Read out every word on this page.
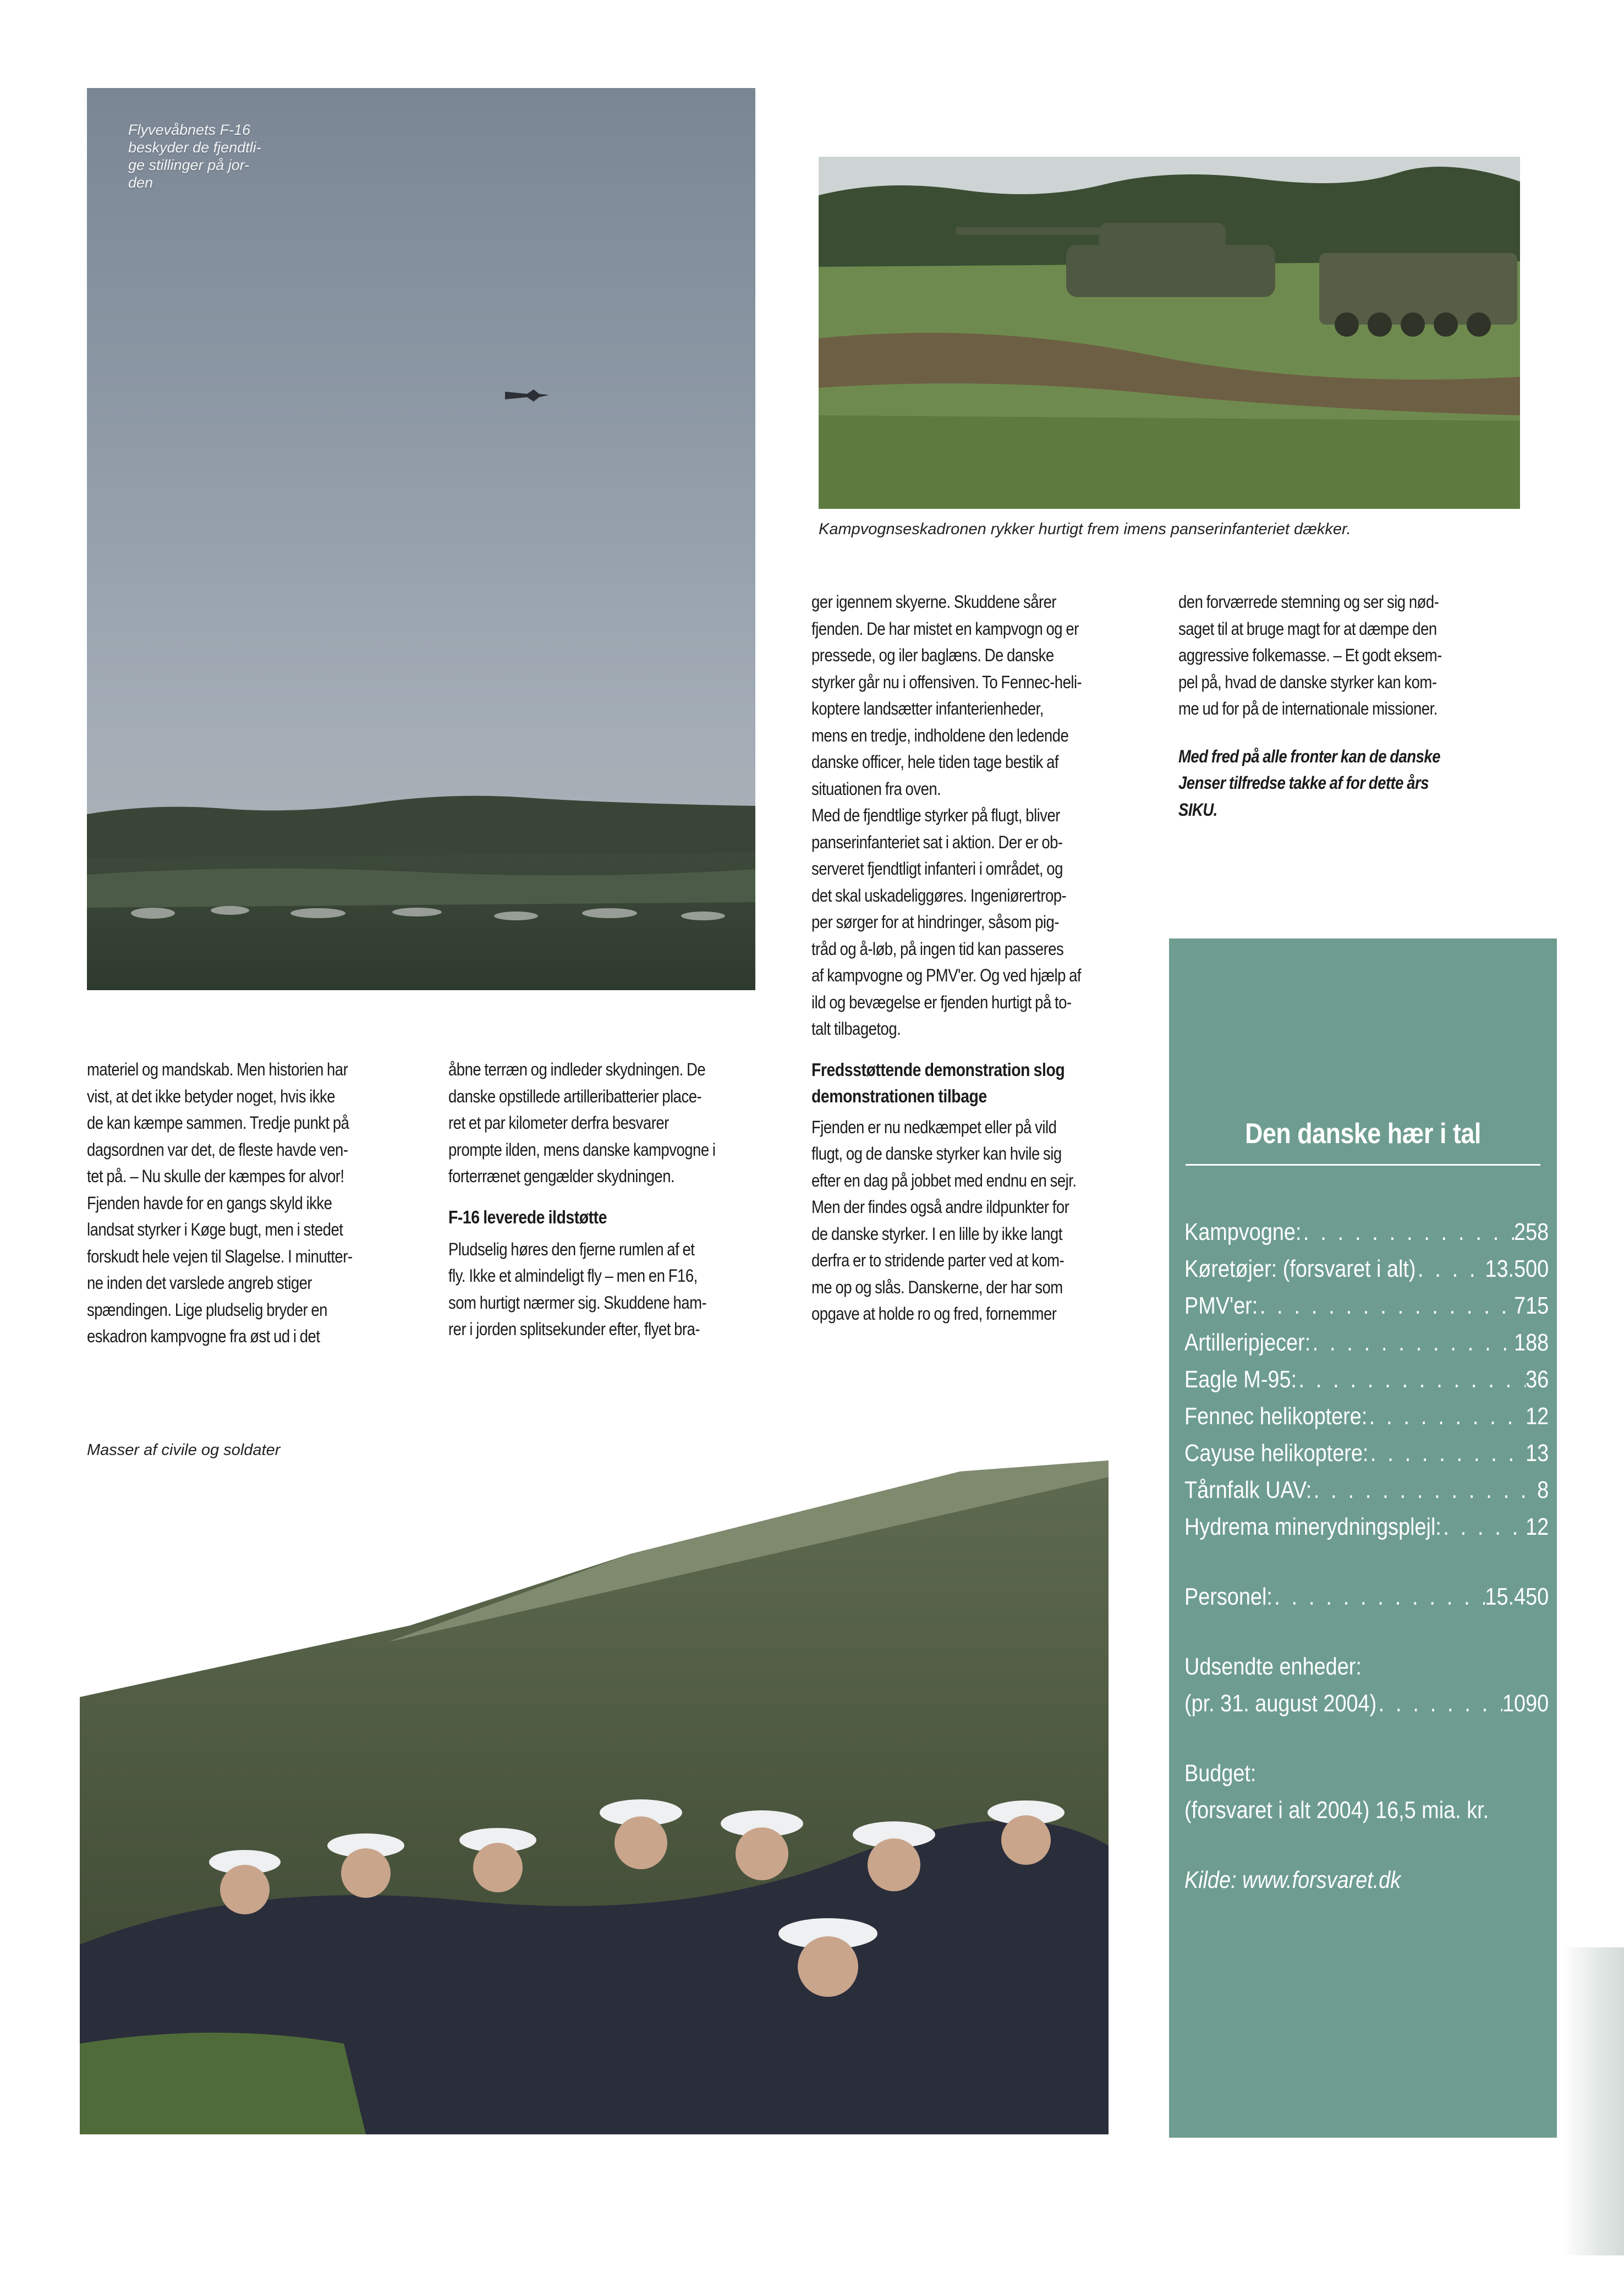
Flyvevåbnets F-16
beskyder de fjendtli-
ge stillinger på jor-
den
Kampvognseskadronen rykker hurtigt frem imens panserinfanteriet dækker.

materiel og mandskab. Men historien har

vist, at det ikke betyder noget, hvis ikke

de kan kæmpe sammen. Tredje punkt på

dagsordnen var det, de fleste havde ven-

tet på. – Nu skulle der kæmpes for alvor!

Fjenden havde for en gangs skyld ikke

landsat styrker i Køge bugt, men i stedet

forskudt hele vejen til Slagelse. I minutter-

ne inden det varslede angreb stiger

spændingen. Lige pludselig bryder en

eskadron kampvogne fra øst ud i det

åbne terræn og indleder skydningen. De

danske opstillede artilleribatterier place-

ret et par kilometer derfra besvarer

prompte ilden, mens danske kampvogne i

forterrænet gengælder skydningen.

F-16 leverede ildstøtte

Pludselig høres den fjerne rumlen af et

fly. Ikke et almindeligt fly – men en F16,

som hurtigt nærmer sig. Skuddene ham-

rer i jorden splitsekunder efter, flyet bra-

ger igennem skyerne. Skuddene sårer

fjenden. De har mistet en kampvogn og er

pressede, og iler baglæns. De danske

styrker går nu i offensiven. To Fennec-heli-

koptere landsætter infanterienheder,

mens en tredje, indholdene den ledende

danske officer, hele tiden tage bestik af

situationen fra oven.

Med de fjendtlige styrker på flugt, bliver

panserinfanteriet sat i aktion. Der er ob-

serveret fjendtligt infanteri i området, og

det skal uskadeliggøres. Ingeniørertrop-

per sørger for at hindringer, såsom pig-

tråd og å-løb, på ingen tid kan passeres

af kampvogne og PMV'er. Og ved hjælp af

ild og bevægelse er fjenden hurtigt på to-

talt tilbagetog.

Fredsstøttende demonstration slog
demonstrationen tilbage

Fjenden er nu nedkæmpet eller på vild

flugt, og de danske styrker kan hvile sig

efter en dag på jobbet med endnu en sejr.

Men der findes også andre ildpunkter for

de danske styrker. I en lille by ikke langt

derfra er to stridende parter ved at kom-

me op og slås. Danskerne, der har som

opgave at holde ro og fred, fornemmer

den forværrede stemning og ser sig nød-

saget til at bruge magt for at dæmpe den

aggressive folkemasse. – Et godt eksem-

pel på, hvad de danske styrker kan kom-

me ud for på de internationale missioner.

Med fred på alle fronter kan de danske

Jenser tilfredse takke af for dette års

SIKU.

Masser af civile og soldater
Den danske hær i tal
Kampvogne: . . .	258
Køretøjer: (forsvaret i alt) . . .	13.500
PMV'er: . . .	715
Artilleripjecer: . . .	188
Eagle M-95: . . .	36
Fennec helikoptere: . . .	12
Cayuse helikoptere: . . .	13
Tårnfalk UAV: . . .	8
Hydrema minerydningsplejl: . . .	12
Personel: . . .	15.450
Udsendte enheder:
(pr. 31. august 2004) . . .	1090
Budget:
(forsvaret i alt 2004) 16,5 mia. kr.
Kilde: www.forsvaret.dk
